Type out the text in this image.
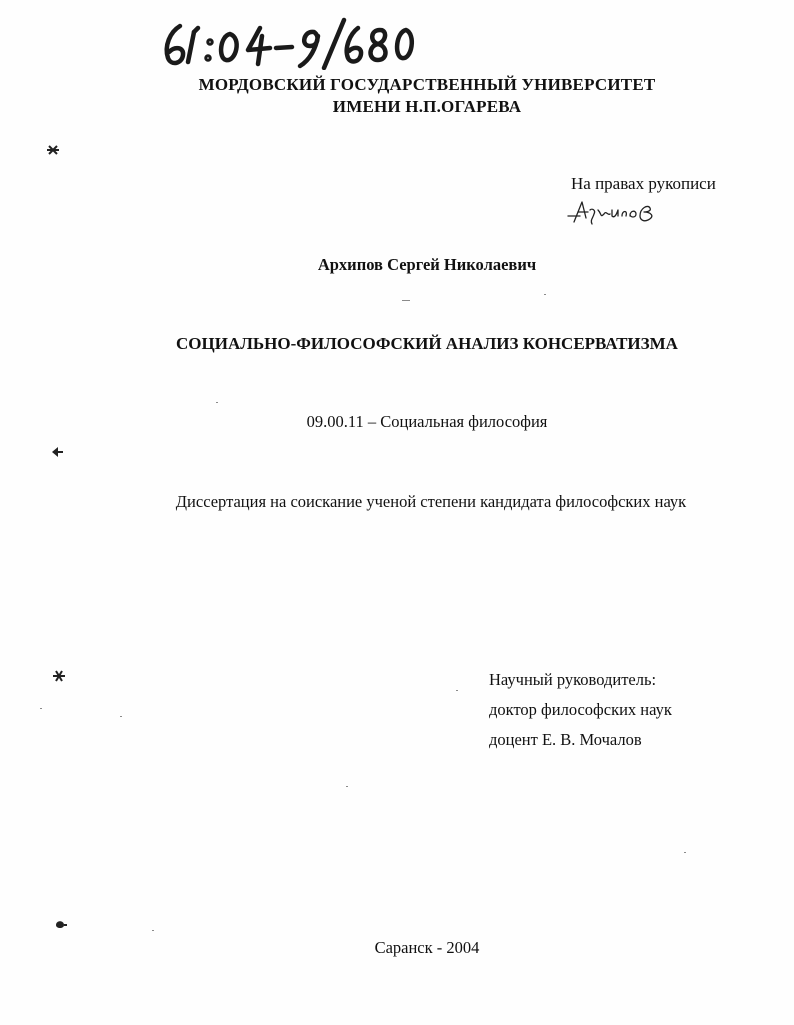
МОРДОВСКИЙ ГОСУДАРСТВЕННЫЙ УНИВЕРСИТЕТ
ИМЕНИ Н.П.ОГАРЕВА
На правах рукописи
Архипов Сергей Николаевич
СОЦИАЛЬНО-ФИЛОСОФСКИЙ АНАЛИЗ КОНСЕРВАТИЗМА
09.00.11 – Социальная философия
Диссертация на соискание ученой степени кандидата философских наук
Научный руководитель:
доктор философских наук
доцент Е. В. Мочалов
Саранск - 2004
